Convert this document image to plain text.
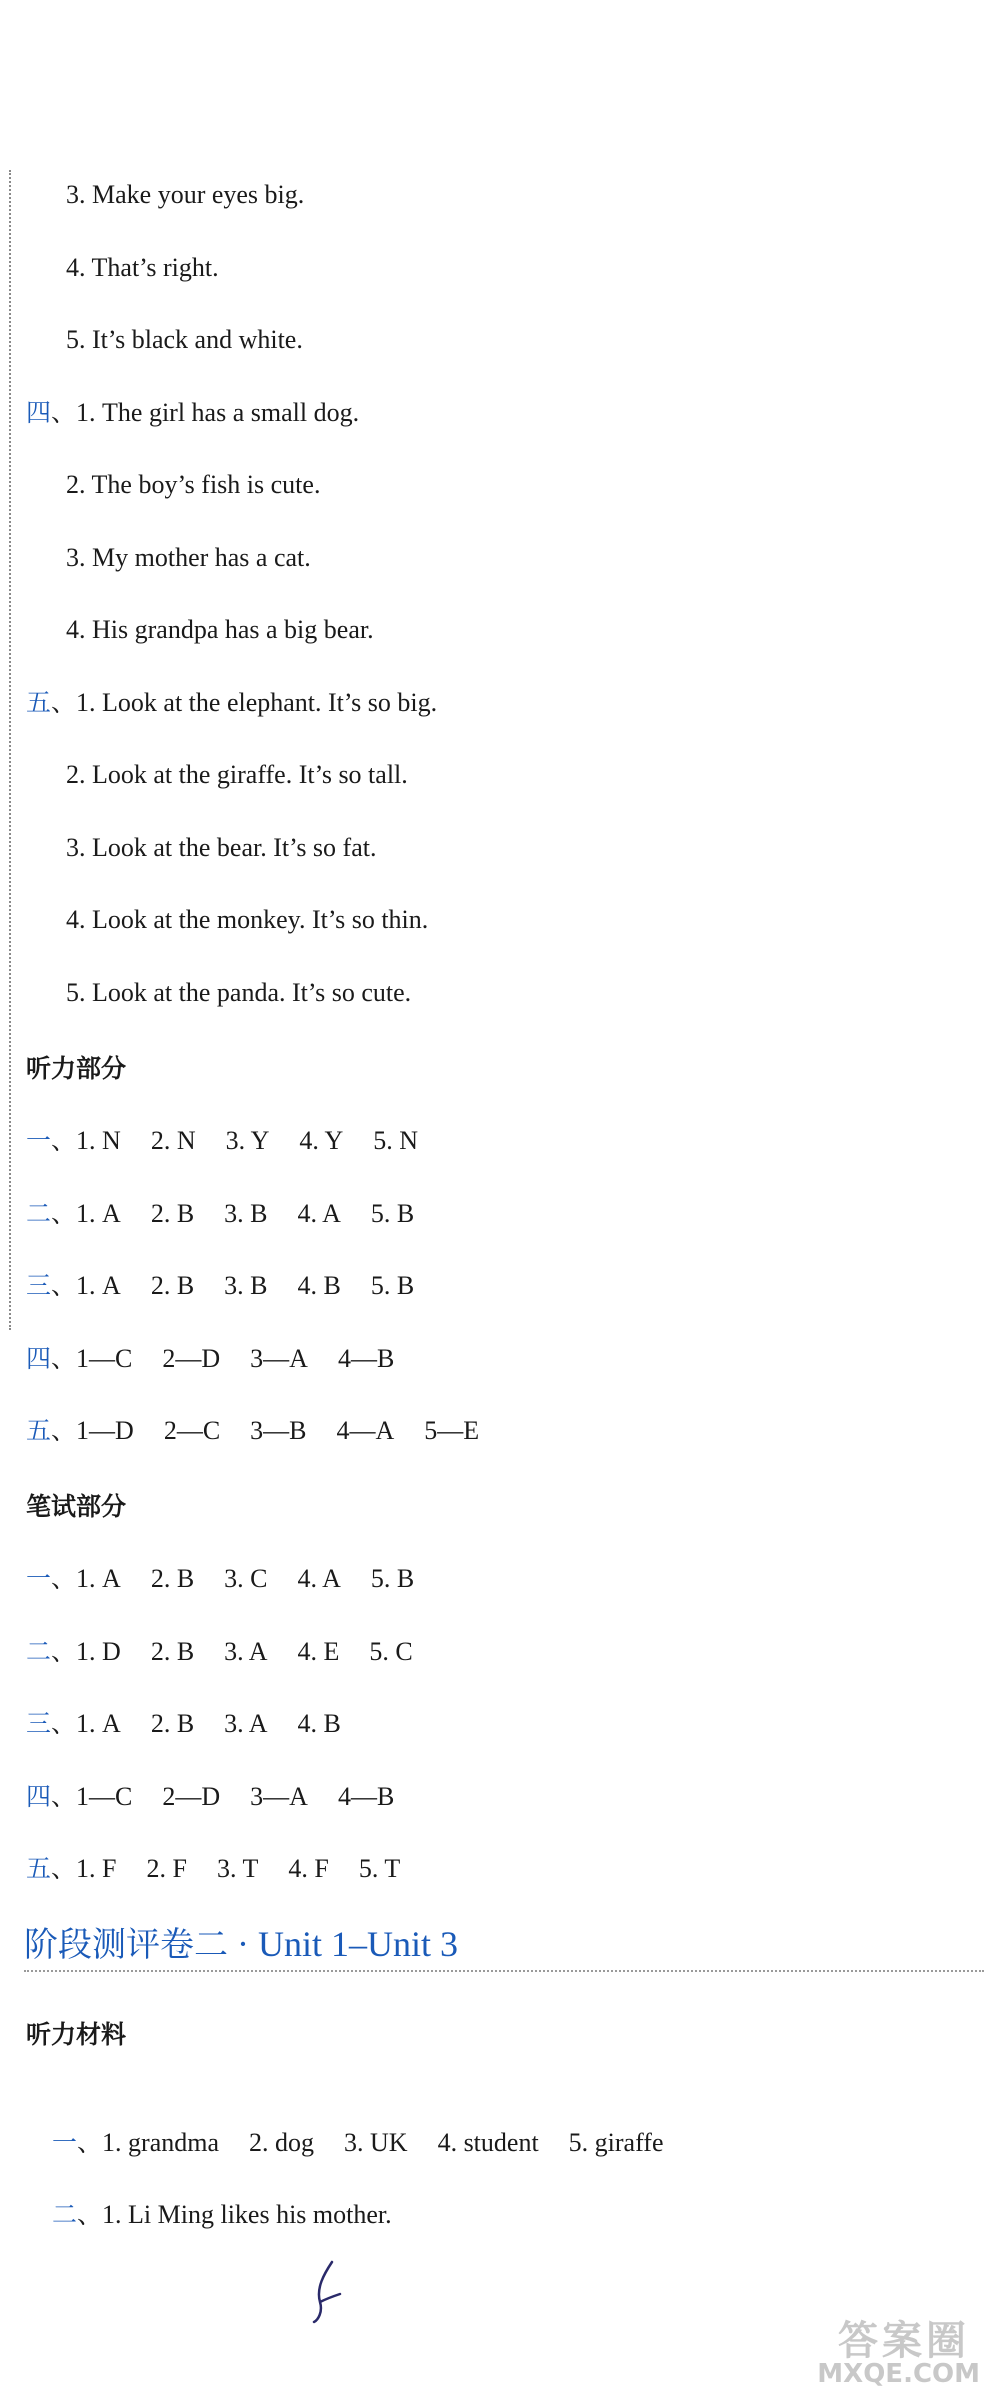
3. Make your eyes big.
4. That’s right.
5. It’s black and white.
四、1. The girl has a small dog.
2. The boy’s fish is cute.
3. My mother has a cat.
4. His grandpa has a big bear.
五、1. Look at the elephant. It’s so big.
2. Look at the giraffe. It’s so tall.
3. Look at the bear. It’s so fat.
4. Look at the monkey. It’s so thin.
5. Look at the panda. It’s so cute.
听力部分
一、1. N 2. N 3. Y 4. Y 5. N
二、1. A 2. B 3. B 4. A 5. B
三、1. A 2. B 3. B 4. B 5. B
四、1—C 2—D 3—A 4—B
五、1—D 2—C 3—B 4—A 5—E
笔试部分
一、1. A 2. B 3. C 4. A 5. B
二、1. D 2. B 3. A 4. E 5. C
三、1. A 2. B 3. A 4. B
四、1—C 2—D 3—A 4—B
五、1. F 2. F 3. T 4. F 5. T
阶段测评卷二 · Unit 1–Unit 3
听力材料

一、1. grandma 2. dog 3. UK 4. student 5. giraffe

二、1. Li Ming likes his mother.

答案圈
MXQE.COM
